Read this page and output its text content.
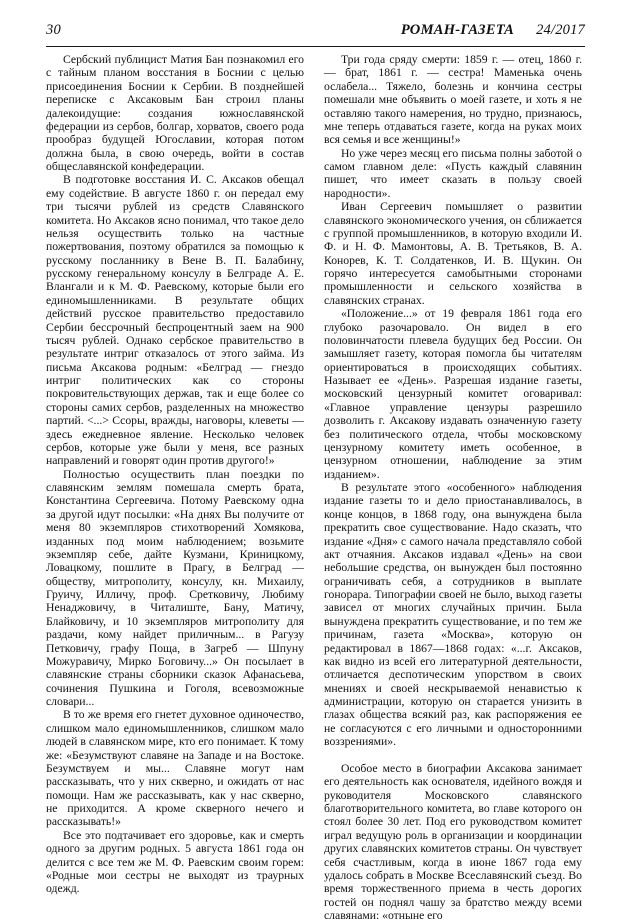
30	РОМАН-ГАЗЕТА 24/2017

Сербский публицист Матия Бан познакомил его с тайным планом восстания в Боснии с целью присоединения Боснии к Сербии. В позднейшей переписке с Аксаковым Бан строил планы далекоидущие: создания южнославянской федерации из сербов, болгар, хорватов, своего рода прообраз будущей Югославии, которая потом должна была, в свою очередь, войти в состав общеславянской конфедерации.

В подготовке восстания И. С. Аксаков обещал ему содействие. В августе 1860 г. он передал ему три тысячи рублей из средств Славянского комитета. Но Аксаков ясно понимал, что такое дело нельзя осуществить только на частные пожертвования, поэтому обратился за помощью к русскому посланнику в Вене В. П. Балабину, русскому генеральному консулу в Белграде А. Е. Влангали и к М. Ф. Раевскому, которые были его единомышленниками. В результате общих действий русское правительство предоставило Сербии бессрочный беспроцентный заем на 900 тысяч рублей. Однако сербское правительство в результате интриг отказалось от этого займа. Из письма Аксакова родным: «Белград — гнездо интриг политических как со стороны покровительствующих держав, так и еще более со стороны самих сербов, разделенных на множество партий. <...> Ссоры, вражды, наговоры, клеветы — здесь ежедневное явление. Несколько человек сербов, которые уже были у меня, все разных направлений и говорят один против другого!»

Полностью осуществить план поездки по славянским землям помешала смерть брата, Константина Сергеевича. Потому Раевскому одна за другой идут посылки: «На днях Вы получите от меня 80 экземпляров стихотворений Хомякова, изданных под моим наблюдением; возьмите экземпляр себе, дайте Кузмани, Криницкому, Ловацкому, пошлите в Прагу, в Белград — обществу, митрополиту, консулу, кн. Михаилу, Груичу, Илличу, проф. Сретковичу, Любиму Ненаджовичу, в Читалиште, Бану, Матичу, Блайковичу, и 10 экземпляров митрополиту для раздачи, кому найдет приличным... в Рагузу Петковичу, графу Поща, в Загреб — Шпуну Можуравичу, Мирко Боговичу...» Он посылает в славянские страны сборники сказок Афанасьева, сочинения Пушкина и Гоголя, всевозможные словари...

В то же время его гнетет духовное одиночество, слишком мало единомышленников, слишком мало людей в славянском мире, кто его понимает. К тому же: «Безумствуют славяне на Западе и на Востоке. Безумствуем и мы... Славяне могут нам рассказывать, что у них скверно, и ожидать от нас помощи. Нам же рассказывать, как у нас скверно, не приходится. А кроме скверного нечего и рассказывать!»

Все это подтачивает его здоровье, как и смерть одного за другим родных. 5 августа 1861 года он делится с все тем же М. Ф. Раевским своим горем: «Родные мои сестры не выходят из траурных одежд.

Три года сряду смерти: 1859 г. — отец, 1860 г. — брат, 1861 г. — сестра! Маменька очень ослабела... Тяжело, болезнь и кончина сестры помешали мне объявить о моей газете, и хоть я не оставляю такого намерения, но трудно, признаюсь, мне теперь отдаваться газете, когда на руках моих вся семья и все женщины!»

Но уже через месяц его письма полны заботой о самом главном деле: «Пусть каждый славянин пишет, что имеет сказать в пользу своей народности».

Иван Сергеевич помышляет о развитии славянского экономического учения, он сближается с группой промышленников, в которую входили И. Ф. и Н. Ф. Мамонтовы, А. В. Третьяков, В. А. Конорев, К. Т. Солдатенков, И. В. Щукин. Он горячо интересуется самобытными сторонами промышленности и сельского хозяйства в славянских странах.

«Положение...» от 19 февраля 1861 года его глубоко разочаровало. Он видел в его половинчатости плевела будущих бед России. Он замышляет газету, которая помогла бы читателям ориентироваться в происходящих событиях. Называет ее «День». Разрешая издание газеты, московский цензурный комитет оговаривал: «Главное управление цензуры разрешило дозволить г. Аксакову издавать означенную газету без политического отдела, чтобы московскому цензурному комитету иметь особенное, в цензурном отношении, наблюдение за этим изданием».

В результате этого «особенного» наблюдения издание газеты то и дело приостанавливалось, в конце концов, в 1868 году, она вынуждена была прекратить свое существование. Надо сказать, что издание «Дня» с самого начала представляло собой акт отчаяния. Аксаков издавал «День» на свои небольшие средства, он вынужден был постоянно ограничивать себя, а сотрудников в выплате гонорара. Типографии своей не было, выход газеты зависел от многих случайных причин. Была вынуждена прекратить существование, и по тем же причинам, газета «Москва», которую он редактировал в 1867—1868 годах: «...г. Аксаков, как видно из всей его литературной деятельности, отличается деспотическим упорством в своих мнениях и своей нескрываемой ненавистью к администрации, которую он старается унизить в глазах общества всякий раз, как распоряжения ее не согласуются с его личными и односторонними воззрениями».

Особое место в биографии Аксакова занимает его деятельность как основателя, идейного вождя и руководителя Московского славянского благотворительного комитета, во главе которого он стоял более 30 лет. Под его руководством комитет играл ведущую роль в организации и координации других славянских комитетов страны. Он чувствует себя счастливым, когда в июне 1867 года ему удалось собрать в Москве Всеславянский съезд. Во время торжественного приема в честь дорогих гостей он поднял чашу за братство между всеми славянами: «отныне его
